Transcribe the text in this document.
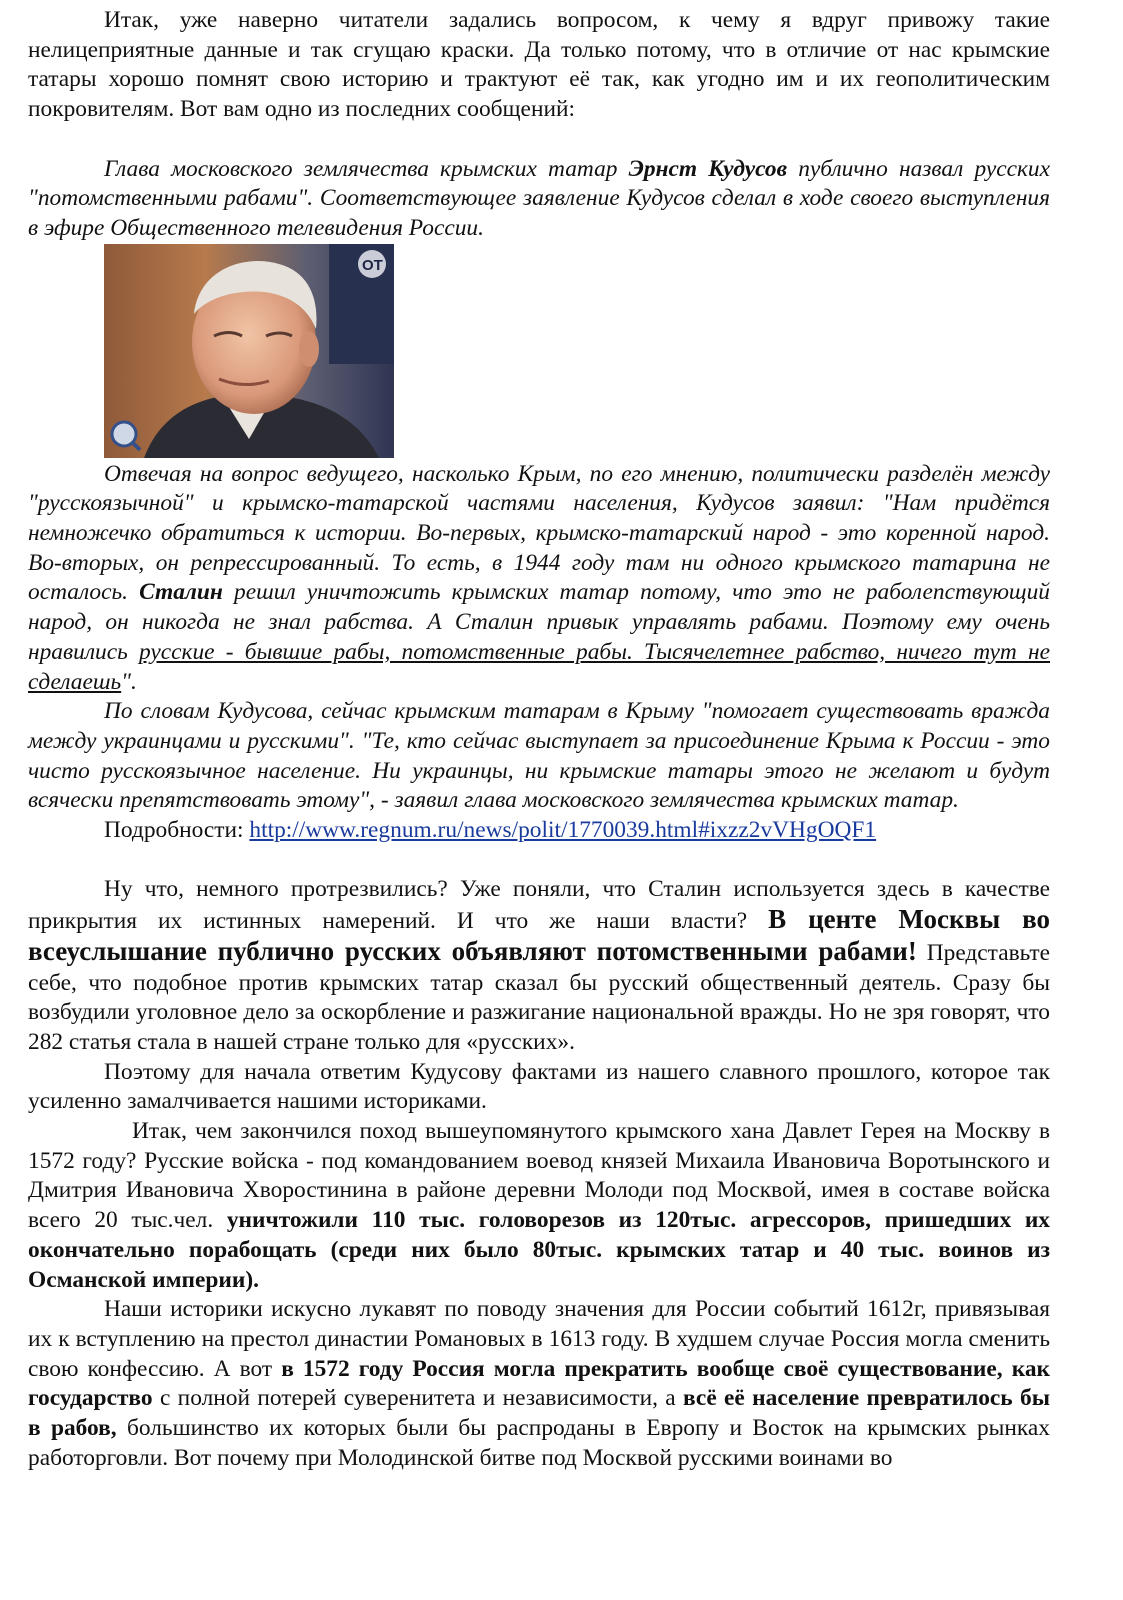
Итак, уже наверно читатели задались вопросом, к чему я вдруг привожу такие нелицеприятные данные и так сгущаю краски. Да только потому, что в отличие от нас крымские татары хорошо помнят свою историю и трактуют её так, как угодно им и их геополитическим покровителям. Вот вам одно из последних сообщений:

Глава московского землячества крымских татар Эрнст Кудусов публично назвал русских "потомственными рабами". Соответствующее заявление Кудусов сделал в ходе своего выступления в эфире Общественного телевидения России.

ОТ

Отвечая на вопрос ведущего, насколько Крым, по его мнению, политически разделён между "русскоязычной" и крымско-татарской частями населения, Кудусов заявил: "Нам придётся немножечко обратиться к истории. Во-первых, крымско-татарский народ - это коренной народ. Во-вторых, он репрессированный. То есть, в 1944 году там ни одного крымского татарина не осталось. Сталин решил уничтожить крымских татар потому, что это не раболепствующий народ, он никогда не знал рабства. А Сталин привык управлять рабами. Поэтому ему очень нравились русские - бывшие рабы, потомственные рабы. Тысячелетнее рабство, ничего тут не сделаешь".

По словам Кудусова, сейчас крымским татарам в Крыму "помогает существовать вражда между украинцами и русскими". "Те, кто сейчас выступает за присоединение Крыма к России - это чисто русскоязычное население. Ни украинцы, ни крымские татары этого не желают и будут всячески препятствовать этому", - заявил глава московского землячества крымских татар.

Подробности: http://www.regnum.ru/news/polit/1770039.html#ixzz2vVHgOQF1

Ну что, немного протрезвились? Уже поняли, что Сталин используется здесь в качестве прикрытия их истинных намерений. И что же наши власти? В центе Москвы во всеуслышание публично русских объявляют потомственными рабами! Представьте себе, что подобное против крымских татар сказал бы русский общественный деятель. Сразу бы возбудили уголовное дело за оскорбление и разжигание национальной вражды. Но не зря говорят, что 282 статья стала в нашей стране только для «русских».

Поэтому для начала ответим Кудусову фактами из нашего славного прошлого, которое так усиленно замалчивается нашими историками.

Итак, чем закончился поход вышеупомянутого крымского хана Давлет Герея на Москву в 1572 году? Русские войска - под командованием воевод князей Михаила Ивановича Воротынского и Дмитрия Ивановича Хворостинина в районе деревни Молоди под Москвой, имея в составе войска всего 20 тыс.чел. уничтожили 110 тыс. головорезов из 120тыс. агрессоров, пришедших их окончательно порабощать (среди них было 80тыс. крымских татар и 40 тыс. воинов из Османской империи).

Наши историки искусно лукавят по поводу значения для России событий 1612г, привязывая их к вступлению на престол династии Романовых в 1613 году. В худшем случае Россия могла сменить свою конфессию. А вот в 1572 году Россия могла прекратить вообще своё существование, как государство с полной потерей суверенитета и независимости, а всё её население превратилось бы в рабов, большинство их которых были бы распроданы в Европу и Восток на крымских рынках работорговли. Вот почему при Молодинской битве под Москвой русскими воинами во
